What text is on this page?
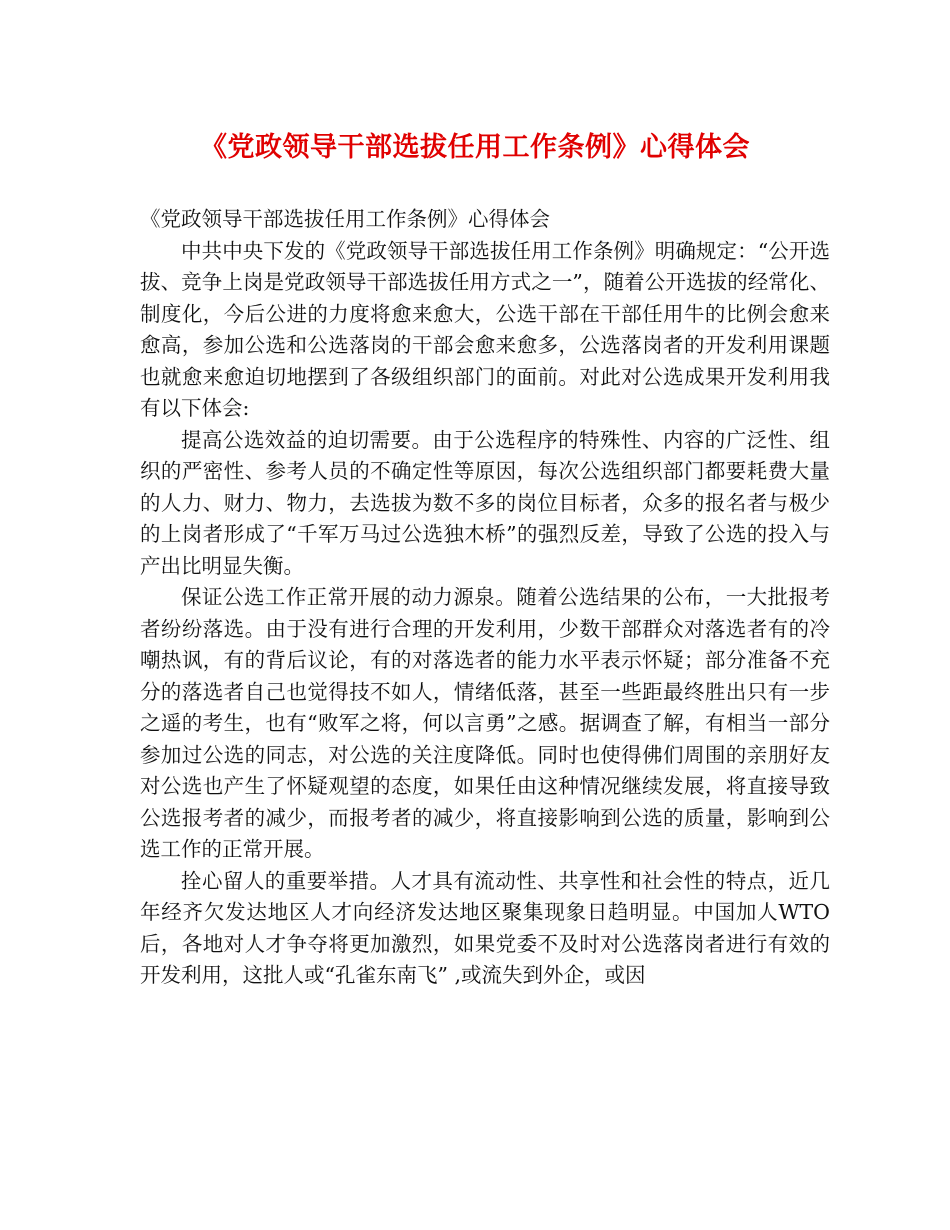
《党政领导干部选拔任用工作条例》心得体会

《党政领导干部选拔任用工作条例》心得体会

中共中央下发的《党政领导干部选拔任用工作条例》明确规定：“公开选拔、竞争上岗是党政领导干部选拔任用方式之一”，随着公开选拔的经常化、制度化，今后公进的力度将愈来愈大，公选干部在干部任用牛的比例会愈来愈高，参加公选和公选落岗的干部会愈来愈多，公选落岗者的开发利用课题也就愈来愈迫切地摆到了各级组织部门的面前。对此对公选成果开发利用我有以下体会:

提高公选效益的迫切需要。由于公选程序的特殊性、内容的广泛性、组织的严密性、参考人员的不确定性等原因，每次公选组织部门都要耗费大量的人力、财力、物力，去选拔为数不多的岗位目标者，众多的报名者与极少的上岗者形成了“千军万马过公选独木桥”的强烈反差，导致了公选的投入与产出比明显失衡。

保证公选工作正常开展的动力源泉。随着公选结果的公布，一大批报考者纷纷落选。由于没有进行合理的开发利用，少数干部群众对落选者有的冷嘲热讽，有的背后议论，有的对落选者的能力水平表示怀疑；部分准备不充分的落选者自己也觉得技不如人，情绪低落，甚至一些距最终胜出只有一步之遥的考生，也有“败军之将，何以言勇”之感。据调查了解，有相当一部分参加过公选的同志，对公选的关注度降低。同时也使得佛们周围的亲朋好友对公选也产生了怀疑观望的态度，如果任由这种情况继续发展，将直接导致公选报考者的减少，而报考者的减少，将直接影响到公选的质量，影响到公选工作的正常开展。

拴心留人的重要举措。人才具有流动性、共享性和社会性的特点，近几年经齐欠发达地区人才向经济发达地区聚集现象日趋明显。中国加人WTO后，各地对人才争夺将更加激烈，如果党委不及时对公选落岗者进行有效的开发利用，这批人或“孔雀东南飞” ,或流失到外企，或因
